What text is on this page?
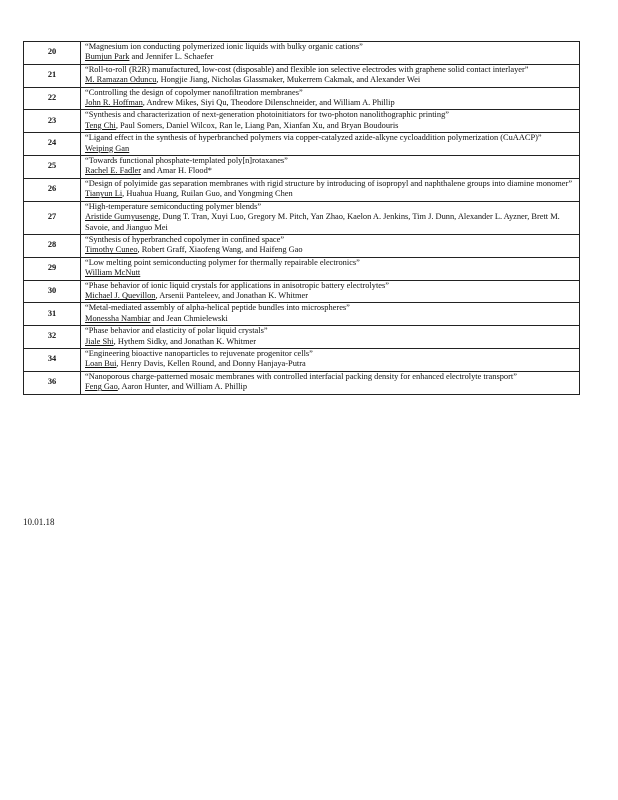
20	“Magnesium ion conducting polymerized ionic liquids with bulky organic cations”
Bumjun Park and Jennifer L. Schaefer

21	“Roll-to-roll (R2R) manufactured, low-cost (disposable) and flexible ion selective electrodes with graphene solid contact interlayer”
M. Ramazan Oduncu, Hongjie Jiang, Nicholas Glassmaker, Mukerrem Cakmak, and Alexander Wei

22	“Controlling the design of copolymer nanofiltration membranes”
John R. Hoffman, Andrew Mikes, Siyi Qu, Theodore Dilenschneider, and William A. Phillip

23	“Synthesis and characterization of next-generation photoinitiators for two-photon nanolithographic printing”
Teng Chi, Paul Somers, Daniel Wilcox, Ran le, Liang Pan, Xianfan Xu, and Bryan Boudouris

24	“Ligand effect in the synthesis of hyperbranched polymers via copper-catalyzed azide-alkyne cycloaddition polymerization (CuAACP)”
Weiping Gan

25	“Towards functional phosphate-templated poly[n]rotaxanes”
Rachel E. Fadler and Amar H. Flood*

26	“Design of polyimide gas separation membranes with rigid structure by introducing of isopropyl and naphthalene groups into diamine monomer”
Tianyun Li, Huahua Huang, Ruilan Guo, and Yongming Chen

27	“High-temperature semiconducting polymer blends”
Aristide Gumyusenge, Dung T. Tran, Xuyi Luo, Gregory M. Pitch, Yan Zhao, Kaelon A. Jenkins, Tim J. Dunn, Alexander L. Ayzner, Brett M. Savoie, and Jianguo Mei

28	“Synthesis of hyperbranched copolymer in confined space”
Timothy Cuneo, Robert Graff, Xiaofeng Wang, and Haifeng Gao

29	“Low melting point semiconducting polymer for thermally repairable electronics”
William McNutt

30	“Phase behavior of ionic liquid crystals for applications in anisotropic battery electrolytes”
Michael J. Quevillon, Arsenii Panteleev, and Jonathan K. Whitmer

31	“Metal-mediated assembly of alpha-helical peptide bundles into microspheres”
Monessha Nambiar and Jean Chmielewski

32	“Phase behavior and elasticity of polar liquid crystals”
Jiale Shi, Hythem Sidky, and Jonathan K. Whitmer

34	“Engineering bioactive nanoparticles to rejuvenate progenitor cells”
Loan Bui, Henry Davis, Kellen Round, and Donny Hanjaya-Putra

36	“Nanoporous charge-patterned mosaic membranes with controlled interfacial packing density for enhanced electrolyte transport”
Feng Gao, Aaron Hunter, and William A. Phillip
10.01.18
